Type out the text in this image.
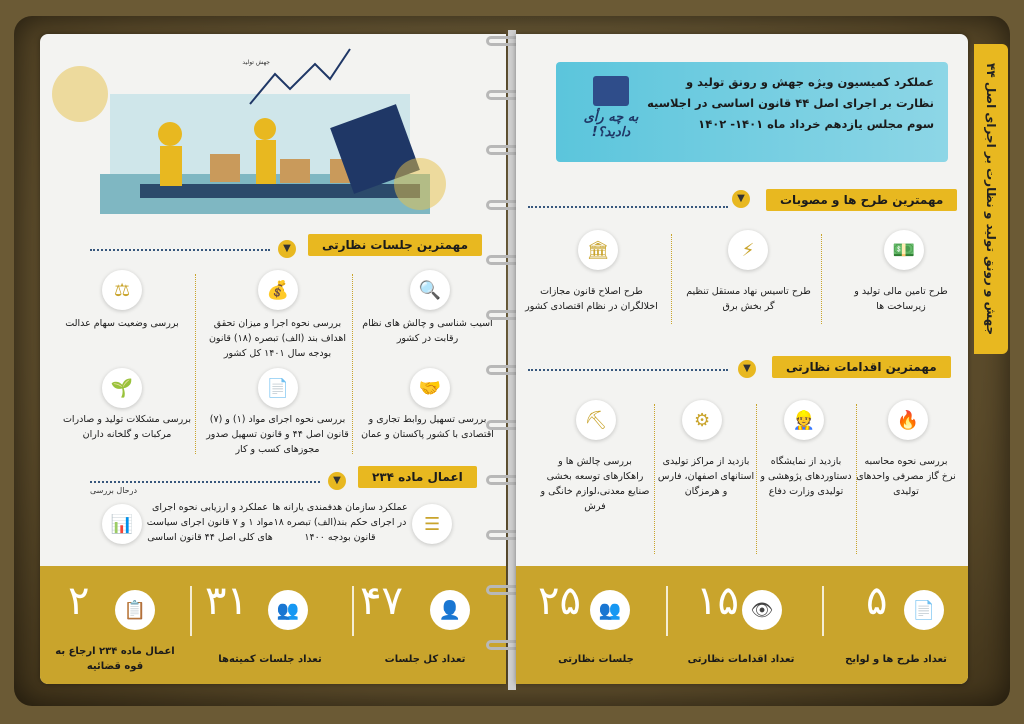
جهش و رونق تولید و نظارت بر اجرای اصل ۴۴
جهش تولید
▼	مهمترین جلسات نظارتی
🔍
آسیب شناسی و چالش های نظام رقابت در کشور
💰
بررسی نحوه اجرا و میزان تحقق اهداف بند (الف) تبصره (۱۸) قانون بودجه سال ۱۴۰۱ کل کشور
⚖
بررسی وضعیت سهام عدالت
🤝
بررسی تسهیل روابط تجاری و اقتصادی با کشور پاکستان و عمان
📄
بررسی نحوه اجرای مواد (۱) و (۷) قانون اصل ۴۴ و قانون تسهیل صدور مجوزهای کسب و کار
🌱
بررسی مشکلات تولید و صادرات مرکبات و گلخانه داران
▼	اعمال ماده ۲۳۴
☰
عملکرد سازمان هدفمندی یارانه ها در اجرای حکم بند(الف) تبصره ۱۸ قانون بودجه ۱۴۰۰
درحال بررسی
📊
عملکرد و ارزیابی نحوه اجرای مواد ۱ و ۷ قانون اجرای سیاست های کلی اصل ۴۴ قانون اساسی
👤
۴۷
تعداد کل جلسات
👥
۳۱
تعداد جلسات کمیته‌ها
📋
۲
اعمال ماده ۲۳۴ ارجاع به قوه قضائیه
عملکرد کمیسیون ویژه جهش و رونق تولید و نظارت بر اجرای اصل ۴۴ قانون اساسی در اجلاسیه سوم مجلس یازدهم خرداد ماه ۱۴۰۱- ۱۴۰۲
به چه رأی دادید؟!
▼	مهمترین طرح ها و مصوبات
💵
طرح تامین مالی تولید و زیرساخت ها
⚡
طرح تاسیس نهاد مستقل تنظیم گر بخش برق
🏛
طرح اصلاح قانون مجازات اخلالگران در نظام اقتصادی کشور
▼	مهمترین اقدامات نظارتی
🔥
بررسی نحوه محاسبه نرخ گاز مصرفی واحدهای تولیدی
👷
بازدید از نمایشگاه دستاوردهای پژوهشی و تولیدی وزارت دفاع
⚙
بازدید از مراکز تولیدی استانهای اصفهان، فارس و هرمزگان
⛏
بررسی چالش ها و راهکارهای توسعه بخشی صنایع معدنی،لوازم خانگی و فرش
📄
۵
تعداد طرح ها و لوایح
👁
۱۵
تعداد اقدامات نظارتی
👥
۲۵
جلسات نظارتی
